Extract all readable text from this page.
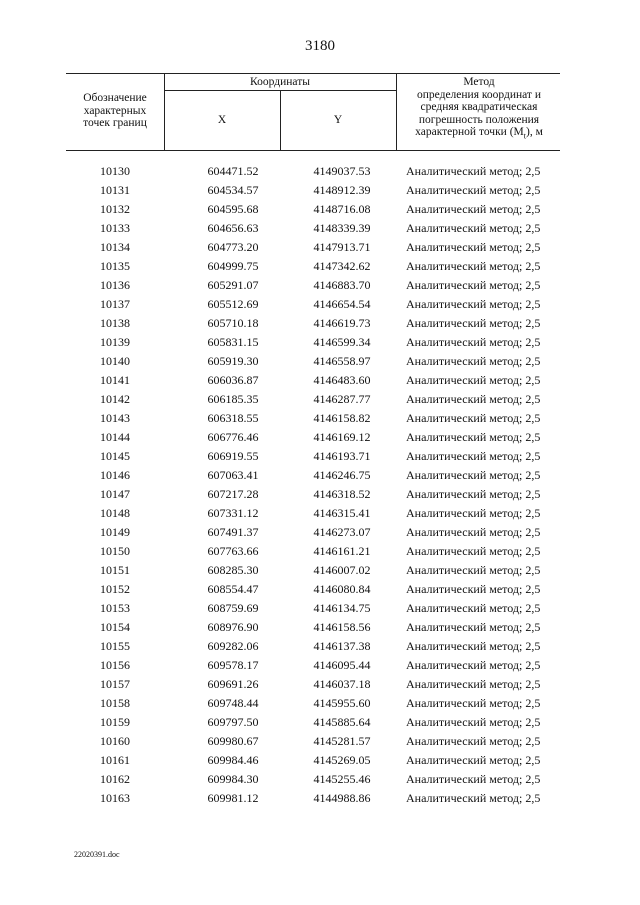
3180
Обозначение характерных точек границ
Координаты
X	Y
Метод
определения координат и средняя квадратическая погрешность положения характерной точки $(М_t)$, м
10130	604471.52	4149037.53	Аналитический метод; 2,5
10131	604534.57	4148912.39	Аналитический метод; 2,5
10132	604595.68	4148716.08	Аналитический метод; 2,5
10133	604656.63	4148339.39	Аналитический метод; 2,5
10134	604773.20	4147913.71	Аналитический метод; 2,5
10135	604999.75	4147342.62	Аналитический метод; 2,5
10136	605291.07	4146883.70	Аналитический метод; 2,5
10137	605512.69	4146654.54	Аналитический метод; 2,5
10138	605710.18	4146619.73	Аналитический метод; 2,5
10139	605831.15	4146599.34	Аналитический метод; 2,5
10140	605919.30	4146558.97	Аналитический метод; 2,5
10141	606036.87	4146483.60	Аналитический метод; 2,5
10142	606185.35	4146287.77	Аналитический метод; 2,5
10143	606318.55	4146158.82	Аналитический метод; 2,5
10144	606776.46	4146169.12	Аналитический метод; 2,5
10145	606919.55	4146193.71	Аналитический метод; 2,5
10146	607063.41	4146246.75	Аналитический метод; 2,5
10147	607217.28	4146318.52	Аналитический метод; 2,5
10148	607331.12	4146315.41	Аналитический метод; 2,5
10149	607491.37	4146273.07	Аналитический метод; 2,5
10150	607763.66	4146161.21	Аналитический метод; 2,5
10151	608285.30	4146007.02	Аналитический метод; 2,5
10152	608554.47	4146080.84	Аналитический метод; 2,5
10153	608759.69	4146134.75	Аналитический метод; 2,5
10154	608976.90	4146158.56	Аналитический метод; 2,5
10155	609282.06	4146137.38	Аналитический метод; 2,5
10156	609578.17	4146095.44	Аналитический метод; 2,5
10157	609691.26	4146037.18	Аналитический метод; 2,5
10158	609748.44	4145955.60	Аналитический метод; 2,5
10159	609797.50	4145885.64	Аналитический метод; 2,5
10160	609980.67	4145281.57	Аналитический метод; 2,5
10161	609984.46	4145269.05	Аналитический метод; 2,5
10162	609984.30	4145255.46	Аналитический метод; 2,5
10163	609981.12	4144988.86	Аналитический метод; 2,5
22020391.doc
